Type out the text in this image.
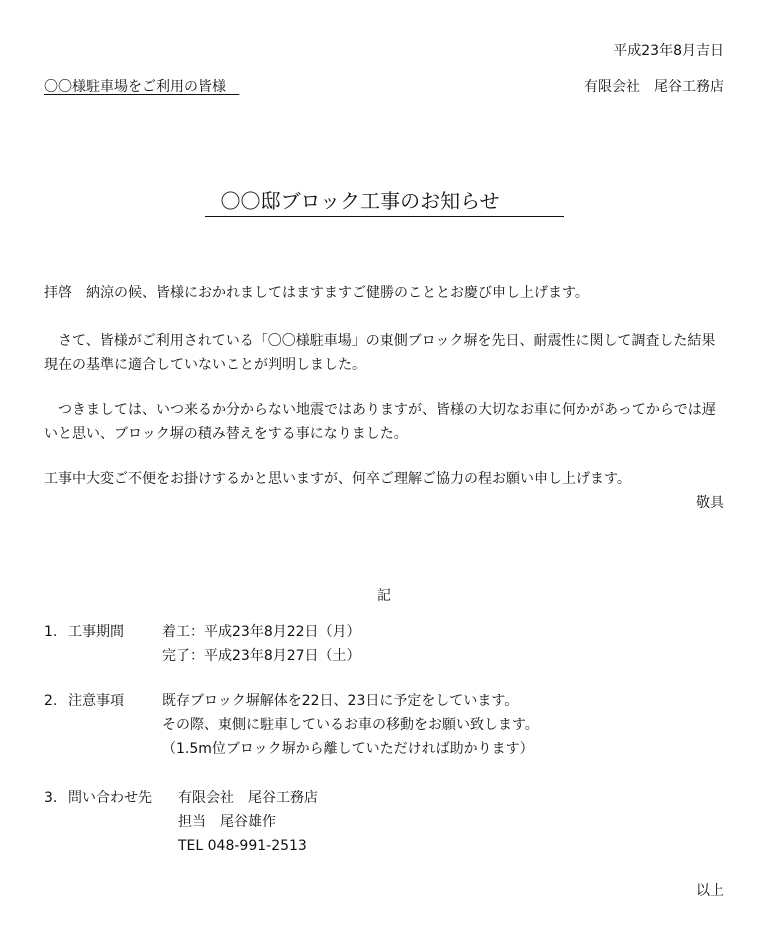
平成23年8月吉日
〇〇様駐車場をご利用の皆様	有限会社　尾谷工務店
〇〇邸ブロック工事のお知らせ
拝啓　納涼の候、皆様におかれましてはますますご健勝のこととお慶び申し上げます。
さて、皆様がご利用されている「〇〇様駐車場」の東側ブロック塀を先日、耐震性に関して調査した結果現在の基準に適合していないことが判明しました。
つきましては、いつ来るか分からない地震ではありますが、皆様の大切なお車に何かがあってからでは遅いと思い、ブロック塀の積み替えをする事になりました。
工事中大変ご不便をお掛けするかと思いますが、何卒ご理解ご協力の程お願い申し上げます。
敬具
記
1. 工事期間	着工：平成23年8月22日（月）
完了：平成23年8月27日（土）
2. 注意事項	既存ブロック塀解体を22日、23日に予定をしています。
その際、東側に駐車しているお車の移動をお願い致します。
（1.5m位ブロック塀から離していただければ助かります）
3. 問い合わせ先 有限会社　尾谷工務店
担当　尾谷雄作
TEL 048-991-2513
以上
